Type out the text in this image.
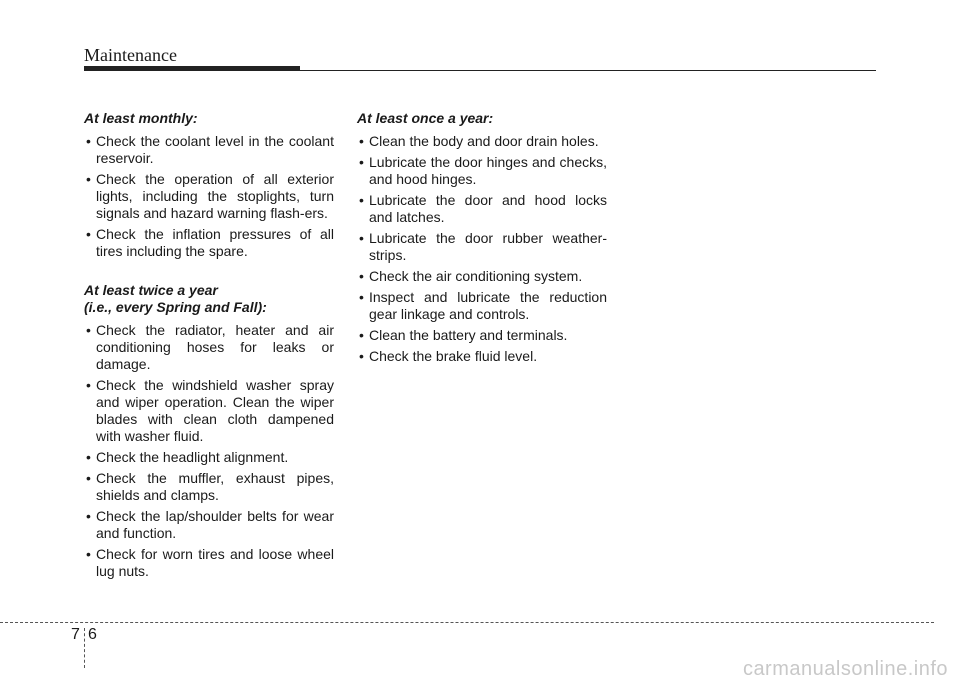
Maintenance
At least monthly:
• Check the coolant level in the coolant reservoir.
• Check the operation of all exterior lights, including the stoplights, turn signals and hazard warning flash-ers.
• Check the inflation pressures of all tires including the spare.
At least twice a year
(i.e., every Spring and Fall):
• Check the radiator, heater and air conditioning hoses for leaks or damage.
• Check the windshield washer spray and wiper operation. Clean the wiper blades with clean cloth dampened with washer fluid.
• Check the headlight alignment.
• Check the muffler, exhaust pipes, shields and clamps.
• Check the lap/shoulder belts for wear and function.
• Check for worn tires and loose wheel lug nuts.
At least once a year:
• Clean the body and door drain holes.
• Lubricate the door hinges and checks, and hood hinges.
• Lubricate the door and hood locks and latches.
• Lubricate the door rubber weather-strips.
• Check the air conditioning system.
• Inspect and lubricate the reduction gear linkage and controls.
• Clean the battery and terminals.
• Check the brake fluid level.
7 6
carmanualsonline.info
